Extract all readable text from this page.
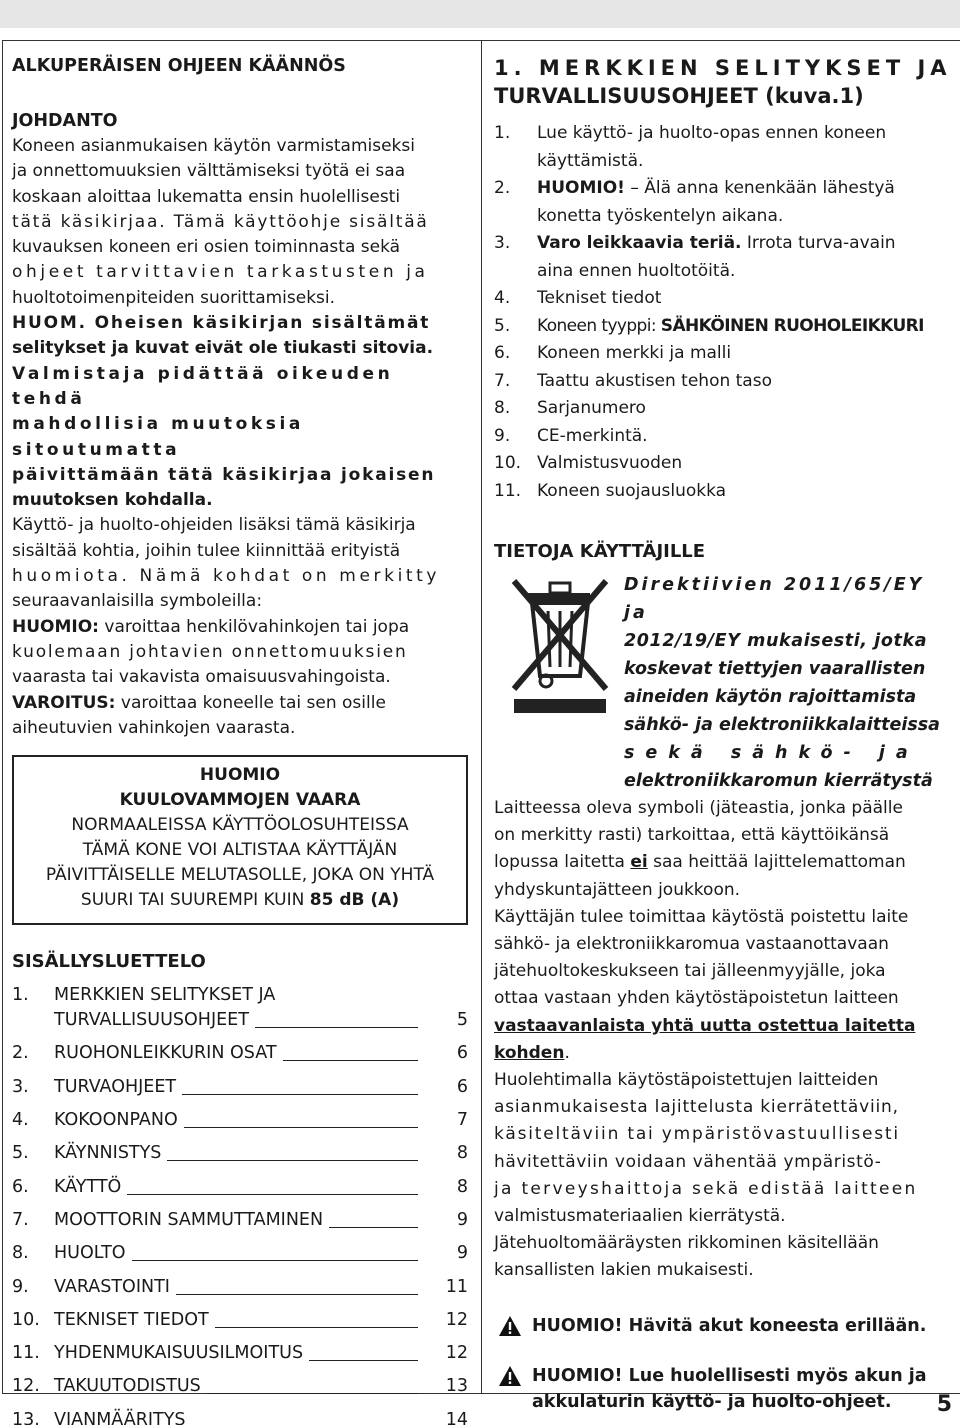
ALKUPERÄISEN OHJEEN KÄÄNNÖS
JOHDANTO
Koneen asianmukaisen käytön varmistamiseksi
ja onnettomuuksien välttämiseksi työtä ei saa
koskaan aloittaa lukematta ensin huolellisesti
tätä käsikirjaa. Tämä käyttöohje sisältää
kuvauksen koneen eri osien toiminnasta sekä
ohjeet tarvittavien tarkastusten ja
huoltotoimenpiteiden suorittamiseksi.
HUOM. Oheisen käsikirjan sisältämät
selitykset ja kuvat eivät ole tiukasti sitovia.
Valmistaja pidättää oikeuden tehdä
mahdollisia muutoksia sitoutumatta
päivittämään tätä käsikirjaa jokaisen
muutoksen kohdalla.
Käyttö- ja huolto-ohjeiden lisäksi tämä käsikirja
sisältää kohtia, joihin tulee kiinnittää erityistä
huomiota. Nämä kohdat on merkitty
seuraavanlaisilla symboleilla:
HUOMIO: varoittaa henkilövahinkojen tai jopa
kuolemaan johtavien onnettomuuksien
vaarasta tai vakavista omaisuusvahingoista.
VAROITUS: varoittaa koneelle tai sen osille
aiheutuvien vahinkojen vaarasta.
HUOMIO
KUULOVAMMOJEN VAARA
NORMAALEISSA KÄYTTÖOLOSUHTEISSA
TÄMÄ KONE VOI ALTISTAA KÄYTTÄJÄN
PÄIVITTÄISELLE MELUTASOLLE, JOKA ON YHTÄ
SUURI TAI SUUREMPI KUIN 85 dB (A)
SISÄLLYSLUETTELO
1.	MERKKIEN SELITYKSET JA
TURVALLISUUSOHJEET	5
2.	RUOHONLEIKKURIN OSAT	6
3.	TURVAOHJEET	6
4.	KOKOONPANO	7
5.	KÄYNNISTYS	8
6.	KÄYTTÖ	8
7.	MOOTTORIN SAMMUTTAMINEN	9
8.	HUOLTO	9
9.	VARASTOINTI	11
10. TEKNISET TIEDOT	12
11. YHDENMUKAISUUSILMOITUS	12
12. TAKUUTODISTUS	13
13. VIANMÄÄRITYS	14
1. MERKKIEN SELITYKSET JA
TURVALLISUUSOHJEET (kuva.1)
1.	Lue käyttö- ja huolto-opas ennen koneen
käyttämistä.
2.	HUOMIO! – Älä anna kenenkään lähestyä
konetta työskentelyn aikana.
3.	Varo leikkaavia teriä. Irrota turva-avain
aina ennen huoltotöitä.
4.	Tekniset tiedot
5.	Koneen tyyppi: SÄHKÖINEN RUOHOLEIKKURI
6.	Koneen merkki ja malli
7.	Taattu akustisen tehon taso
8.	Sarjanumero
9.	CE-merkintä.
10. Valmistusvuoden
11. Koneen suojausluokka
TIETOJA KÄYTTÄJILLE
Direktiivien 2011/65/EY ja
2012/19/EY mukaisesti, jotka
koskevat tiettyjen vaarallisten
aineiden käytön rajoittamista
sähkö- ja elektroniikkalaitteissa
sekä sähkö- ja
elektroniikkaromun kierrätystä
Laitteessa oleva symboli (jäteastia, jonka päälle
on merkitty rasti) tarkoittaa, että käyttöikänsä
lopussa laitetta ei saa heittää lajittelemattoman
yhdyskuntajätteen joukkoon.
Käyttäjän tulee toimittaa käytöstä poistettu laite
sähkö- ja elektroniikkaromua vastaanottavaan
jätehuoltokeskukseen tai jälleenmyyjälle, joka
ottaa vastaan yhden käytöstäpoistetun laitteen
vastaavanlaista yhtä uutta ostettua laitetta
kohden.
Huolehtimalla käytöstäpoistettujen laitteiden
asianmukaisesta lajittelusta kierrätettäviin,
käsiteltäviin tai ympäristövastuullisesti
hävitettäviin voidaan vähentää ympäristö-
ja terveyshaittoja sekä edistää laitteen
valmistusmateriaalien kierrätystä.
Jätehuoltomääräysten rikkominen käsitellään
kansallisten lakien mukaisesti.
HUOMIO! Hävitä akut koneesta erillään.
HUOMIO! Lue huolellisesti myös akun ja
akkulaturin käyttö- ja huolto-ohjeet.	5
